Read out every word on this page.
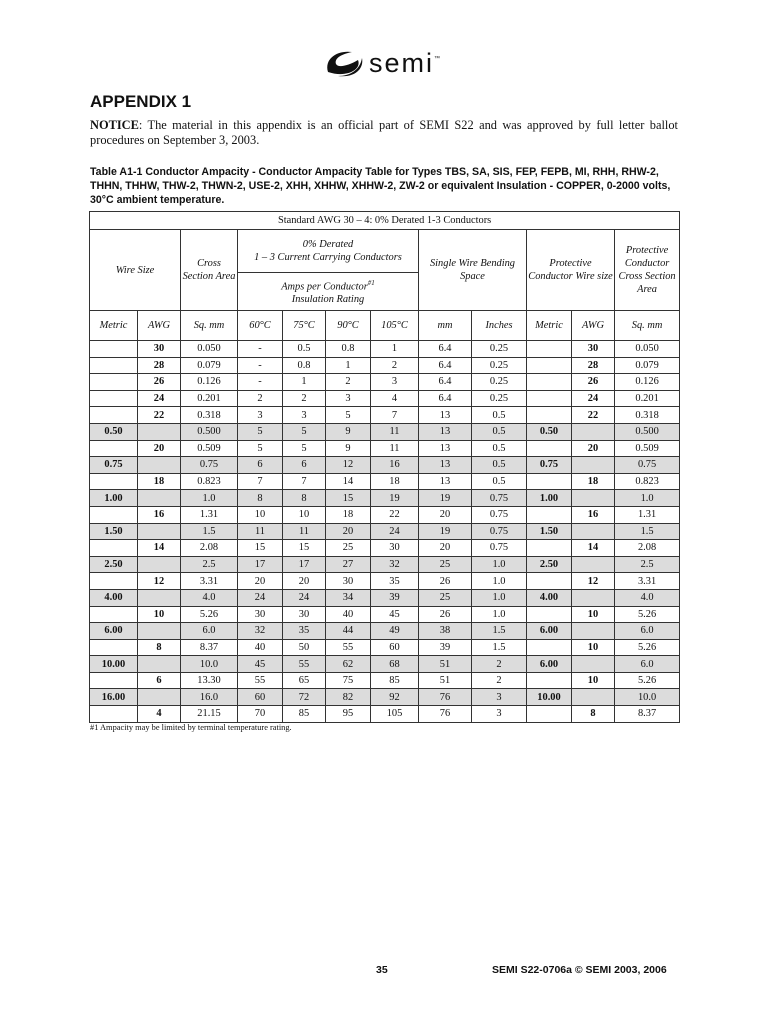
semi ™
APPENDIX 1
NOTICE: The material in this appendix is an official part of SEMI S22 and was approved by full letter ballot procedures on September 3, 2003.
Table A1-1 Conductor Ampacity - Conductor Ampacity Table for Types TBS, SA, SIS, FEP, FEPB, MI, RHH, RHW-2, THHN, THHW, THW-2, THWN-2, USE-2, XHH, XHHW, XHHW-2, ZW-2 or equivalent Insulation - COPPER, 0-2000 volts, 30°C ambient temperature.
Standard AWG 30 – 4: 0% Derated 1-3 Conductors											
Wire Size		Cross Section Area	0% Derated
1 – 3 Current Carrying Conductors				Single Wire Bending Space		Protective Conductor Wire size		Protective Conductor Cross Section Area
			Amps per Conductor$^{\#1}$
Insulation Rating								
Metric	AWG	Sq. mm	60°C	75°C	90°C	105°C	mm	Inches	Metric	AWG	Sq. mm
	30	0.050	-	0.5	0.8	1	6.4	0.25		30	0.050
	28	0.079	-	0.8	1	2	6.4	0.25		28	0.079
	26	0.126	-	1	2	3	6.4	0.25		26	0.126
	24	0.201	2	2	3	4	6.4	0.25		24	0.201
	22	0.318	3	3	5	7	13	0.5		22	0.318
0.50		0.500	5	5	9	11	13	0.5	0.50		0.500
	20	0.509	5	5	9	11	13	0.5		20	0.509
0.75		0.75	6	6	12	16	13	0.5	0.75		0.75
	18	0.823	7	7	14	18	13	0.5		18	0.823
1.00		1.0	8	8	15	19	19	0.75	1.00		1.0
	16	1.31	10	10	18	22	20	0.75		16	1.31
1.50		1.5	11	11	20	24	19	0.75	1.50		1.5
	14	2.08	15	15	25	30	20	0.75		14	2.08
2.50		2.5	17	17	27	32	25	1.0	2.50		2.5
	12	3.31	20	20	30	35	26	1.0		12	3.31
4.00		4.0	24	24	34	39	25	1.0	4.00		4.0
	10	5.26	30	30	40	45	26	1.0		10	5.26
6.00		6.0	32	35	44	49	38	1.5	6.00		6.0
	8	8.37	40	50	55	60	39	1.5		10	5.26
10.00		10.0	45	55	62	68	51	2	6.00		6.0
	6	13.30	55	65	75	85	51	2		10	5.26
16.00		16.0	60	72	82	92	76	3	10.00		10.0
	4	21.15	70	85	95	105	76	3		8	8.37
#1 Ampacity may be limited by terminal temperature rating.
35	SEMI S22-0706a © SEMI 2003, 2006
